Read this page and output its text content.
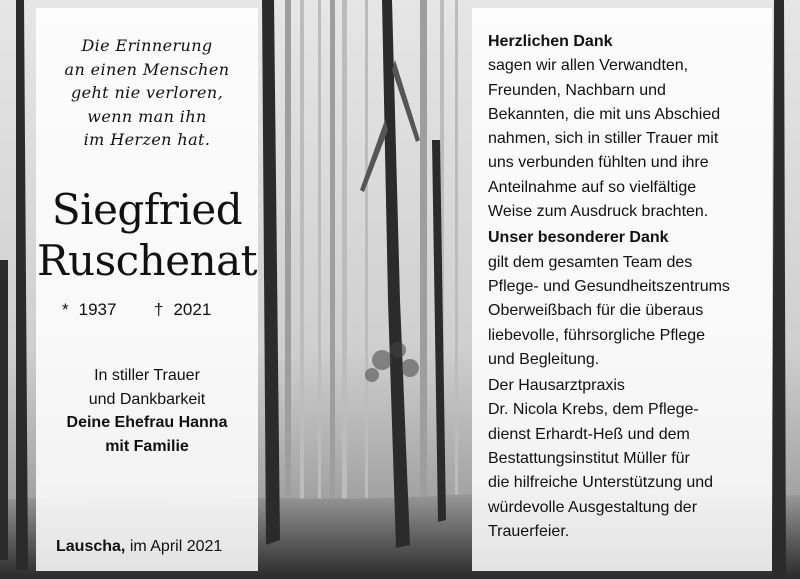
Die Erinnerung
an einen Menschen
geht nie verloren,
wenn man ihn
im Herzen hat.
Siegfried
Ruschenat
* 1937 † 2021
In stiller Trauer
und Dankbarkeit
Deine Ehefrau Hanna
mit Familie
Lauscha, im April 2021
Herzlichen Dank
sagen wir allen Verwandten,
Freunden, Nachbarn und
Bekannten, die mit uns Abschied
nahmen, sich in stiller Trauer mit
uns verbunden fühlten und ihre
Anteilnahme auf so vielfältige
Weise zum Ausdruck brachten.
Unser besonderer Dank
gilt dem gesamten Team des
Pflege- und Gesundheitszentrums
Oberweißbach für die überaus
liebevolle, führsorgliche Pflege
und Begleitung.
Der Hausarztpraxis
Dr. Nicola Krebs, dem Pflege-
dienst Erhardt-Heß und dem
Bestattungsinstitut Müller für
die hilfreiche Unterstützung und
würdevolle Ausgestaltung der
Trauerfeier.
